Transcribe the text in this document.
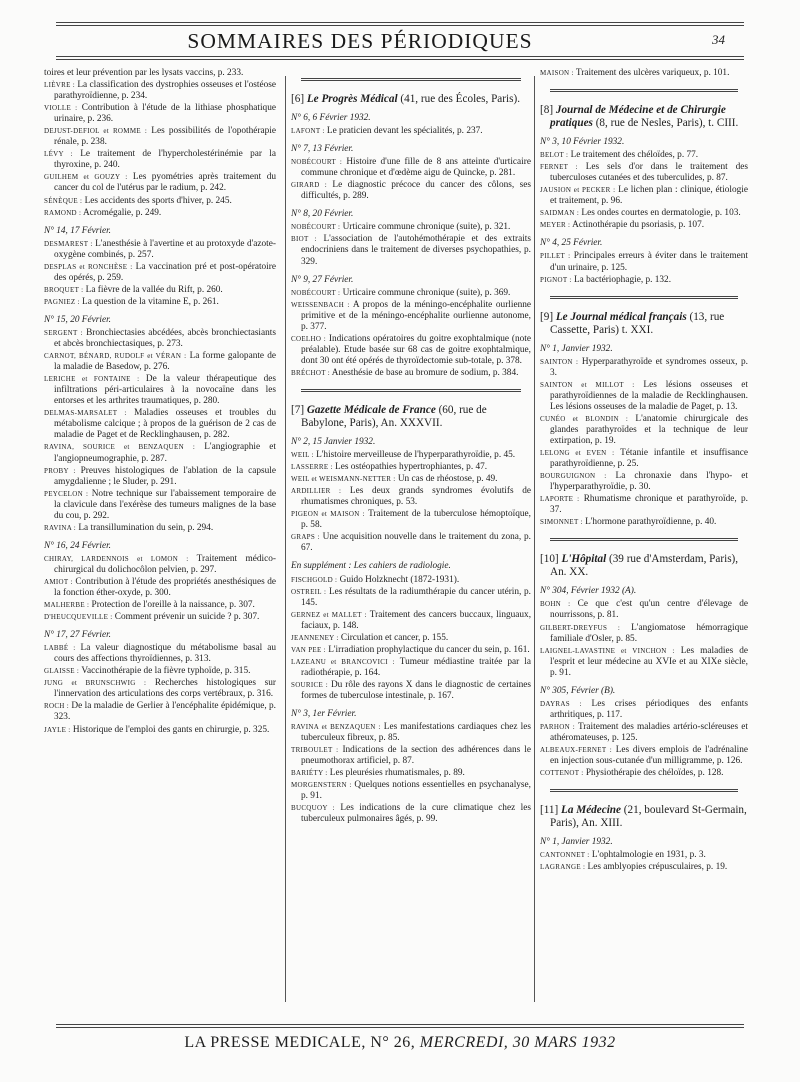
SOMMAIRES DES PÉRIODIQUES	34
toires et leur prévention par les lysats vaccins, p. 233.
LIÈVRE : La classification des dystrophies osseuses et l'ostéose parathyroïdienne, p. 234.
VIOLLE : Contribution à l'étude de la lithiase phosphatique urinaire, p. 236.
DEJUST-DEFIOL et ROMME : Les possibilités de l'opothérapie rénale, p. 238.
LÉVY : Le traitement de l'hypercholestérinémie par la thyroxine, p. 240.
GUILHEM et GOUZY : Les pyométries après traitement du cancer du col de l'utérus par le radium, p. 242.
SÉNÈQUE : Les accidents des sports d'hiver, p. 245.
RAMOND : Acromégalie, p. 249.
N° 14, 17 Février.
DESMAREST : L'anesthésie à l'avertine et au protoxyde d'azote-oxygène combinés, p. 257.
DESPLAS et RONCHÈSE : La vaccination pré et post-opératoire des opérés, p. 259.
BROQUET : La fièvre de la vallée du Rift, p. 260.
PAGNIEZ : La question de la vitamine E, p. 261.
N° 15, 20 Février.
SERGENT : Bronchiectasies abcédées, abcès bronchiectasiants et abcès bronchiectasiques, p. 273.
CARNOT, BÉNARD, RUDOLF et VÉRAN : La forme galopante de la maladie de Basedow, p. 276.
LERICHE et FONTAINE : De la valeur thérapeutique des infiltrations péri-articulaires à la novocaïne dans les entorses et les arthrites traumatiques, p. 280.
DELMAS-MARSALET : Maladies osseuses et troubles du métabolisme calcique ; à propos de la guérison de 2 cas de maladie de Paget et de Recklinghausen, p. 282.
RAVINA, SOURICE et BENZAQUEN : L'angiographie et l'angiopneumographie, p. 287.
PROBY : Preuves histologiques de l'ablation de la capsule amygdalienne ; le Sluder, p. 291.
PEYCELON : Notre technique sur l'abaissement temporaire de la clavicule dans l'exérèse des tumeurs malignes de la base du cou, p. 292.
RAVINA : La transillumination du sein, p. 294.
N° 16, 24 Février.
CHIRAY, LARDENNOIS et LOMON : Traitement médico-chirurgical du dolichocôlon pelvien, p. 297.
AMIOT : Contribution à l'étude des propriétés anesthésiques de la fonction éther-oxyde, p. 300.
MALHERBE : Protection de l'oreille à la naissance, p. 307.
D'HEUCQUEVILLE : Comment prévenir un suicide ? p. 307.
N° 17, 27 Février.
LABBÉ : La valeur diagnostique du métabolisme basal au cours des affections thyroïdiennes, p. 313.
GLAISSE : Vaccinothérapie de la fièvre typhoïde, p. 315.
JUNG et BRUNSCHWIG : Recherches histologiques sur l'innervation des articulations des corps vertébraux, p. 316.
ROCH : De la maladie de Gerlier à l'encéphalite épidémique, p. 323.
JAYLE : Historique de l'emploi des gants en chirurgie, p. 325.
[6] Le Progrès Médical (41, rue des Écoles, Paris).
N° 6, 6 Février 1932.
LAFONT : Le praticien devant les spécialités, p. 237.
N° 7, 13 Février.
NOBÉCOURT : Histoire d'une fille de 8 ans atteinte d'urticaire commune chronique et d'œdème aigu de Quincke, p. 281.
GIRARD : Le diagnostic précoce du cancer des côlons, ses difficultés, p. 289.
N° 8, 20 Février.
NOBÉCOURT : Urticaire commune chronique (suite), p. 321.
BIOT : L'association de l'autohémothérapie et des extraits endocriniens dans le traitement de diverses psychopathies, p. 329.
N° 9, 27 Février.
NOBÉCOURT : Urticaire commune chronique (suite), p. 369.
WEISSENBACH : A propos de la méningo-encéphalite ourlienne primitive et de la méningo-encéphalite ourlienne autonome, p. 377.
COELHO : Indications opératoires du goitre exophtalmique (note préalable). Etude basée sur 68 cas de goitre exophtalmique, dont 30 ont été opérés de thyroïdectomie sub-totale, p. 378.
BRÉCHOT : Anesthésie de base au bromure de sodium, p. 384.
[7] Gazette Médicale de France (60, rue de Babylone, Paris), An. XXXVII.
N° 2, 15 Janvier 1932.
WEIL : L'histoire merveilleuse de l'hyperparathyroïdie, p. 45.
LASSERRE : Les ostéopathies hypertrophiantes, p. 47.
WEIL et WEISMANN-NETTER : Un cas de rhéostose, p. 49.
ARDILLIER : Les deux grands syndromes évolutifs de rhumatismes chroniques, p. 53.
PIGEON et MAISON : Traitement de la tuberculose hémoptoïque, p. 58.
GRAPS : Une acquisition nouvelle dans le traitement du zona, p. 67.
En supplément : Les cahiers de radiologie.
FISCHGOLD : Guido Holzknecht (1872-1931).
OSTREIL : Les résultats de la radiumthérapie du cancer utérin, p. 145.
GERNEZ et MALLET : Traitement des cancers buccaux, linguaux, faciaux, p. 148.
JEANNENEY : Circulation et cancer, p. 155.
VAN PEE : L'irradiation prophylactique du cancer du sein, p. 161.
LAZEANU et BRANCOVICI : Tumeur médiastine traitée par la radiothérapie, p. 164.
SOURICE : Du rôle des rayons X dans le diagnostic de certaines formes de tuberculose intestinale, p. 167.
N° 3, 1er Février.
RAVINA et BENZAQUEN : Les manifestations cardiaques chez les tuberculeux fibreux, p. 85.
TRIBOULET : Indications de la section des adhérences dans le pneumothorax artificiel, p. 87.
BARIÉTY : Les pleurésies rhumatismales, p. 89.
MORGENSTERN : Quelques notions essentielles en psychanalyse, p. 91.
BUCQUOY : Les indications de la cure climatique chez les tuberculeux pulmonaires âgés, p. 99.
MAISON : Traitement des ulcères variqueux, p. 101.
[8] Journal de Médecine et de Chirurgie pratiques (8, rue de Nesles, Paris), t. CIII.
N° 3, 10 Février 1932.
BELOT : Le traitement des chéloïdes, p. 77.
FERNET : Les sels d'or dans le traitement des tuberculoses cutanées et des tuberculides, p. 87.
JAUSION et PECKER : Le lichen plan : clinique, étiologie et traitement, p. 96.
SAIDMAN : Les ondes courtes en dermatologie, p. 103.
MEYER : Actinothérapie du psoriasis, p. 107.
N° 4, 25 Février.
PILLET : Principales erreurs à éviter dans le traitement d'un urinaire, p. 125.
PIGNOT : La bactériophagie, p. 132.
[9] Le Journal médical français (13, rue Cassette, Paris) t. XXI.
N° 1, Janvier 1932.
SAINTON : Hyperparathyroïde et syndromes osseux, p. 3.
SAINTON et MILLOT : Les lésions osseuses et parathyroïdiennes de la maladie de Recklinghausen. Les lésions osseuses de la maladie de Paget, p. 13.
CUNÉO et BLONDIN : L'anatomie chirurgicale des glandes parathyroïdes et la technique de leur extirpation, p. 19.
LELONG et EVEN : Tétanie infantile et insuffisance parathyroïdienne, p. 25.
BOURGUIGNON : La chronaxie dans l'hypo- et l'hyperparathyroïdie, p. 30.
LAPORTE : Rhumatisme chronique et parathyroïde, p. 37.
SIMONNET : L'hormone parathyroïdienne, p. 40.
[10] L'Hôpital (39 rue d'Amsterdam, Paris), An. XX.
N° 304, Février 1932 (A).
BOHN : Ce que c'est qu'un centre d'élevage de nourrissons, p. 81.
GILBERT-DREYFUS : L'angiomatose hémorragique familiale d'Osler, p. 85.
LAIGNEL-LAVASTINE et VINCHON : Les maladies de l'esprit et leur médecine au XVIe et au XIXe siècle, p. 91.
N° 305, Février (B).
DAYRAS : Les crises périodiques des enfants arthritiques, p. 117.
PARHON : Traitement des maladies artério-scléreuses et athéromateuses, p. 125.
ALBEAUX-FERNET : Les divers emplois de l'adrénaline en injection sous-cutanée d'un milligramme, p. 126.
COTTENOT : Physiothérapie des chéloïdes, p. 128.
[11] La Médecine (21, boulevard St-Germain, Paris), An. XIII.
N° 1, Janvier 1932.
CANTONNET : L'ophtalmologie en 1931, p. 3.
LAGRANGE : Les amblyopies crépusculaires, p. 19.
LA PRESSE MEDICALE, N° 26, MERCREDI, 30 MARS 1932
